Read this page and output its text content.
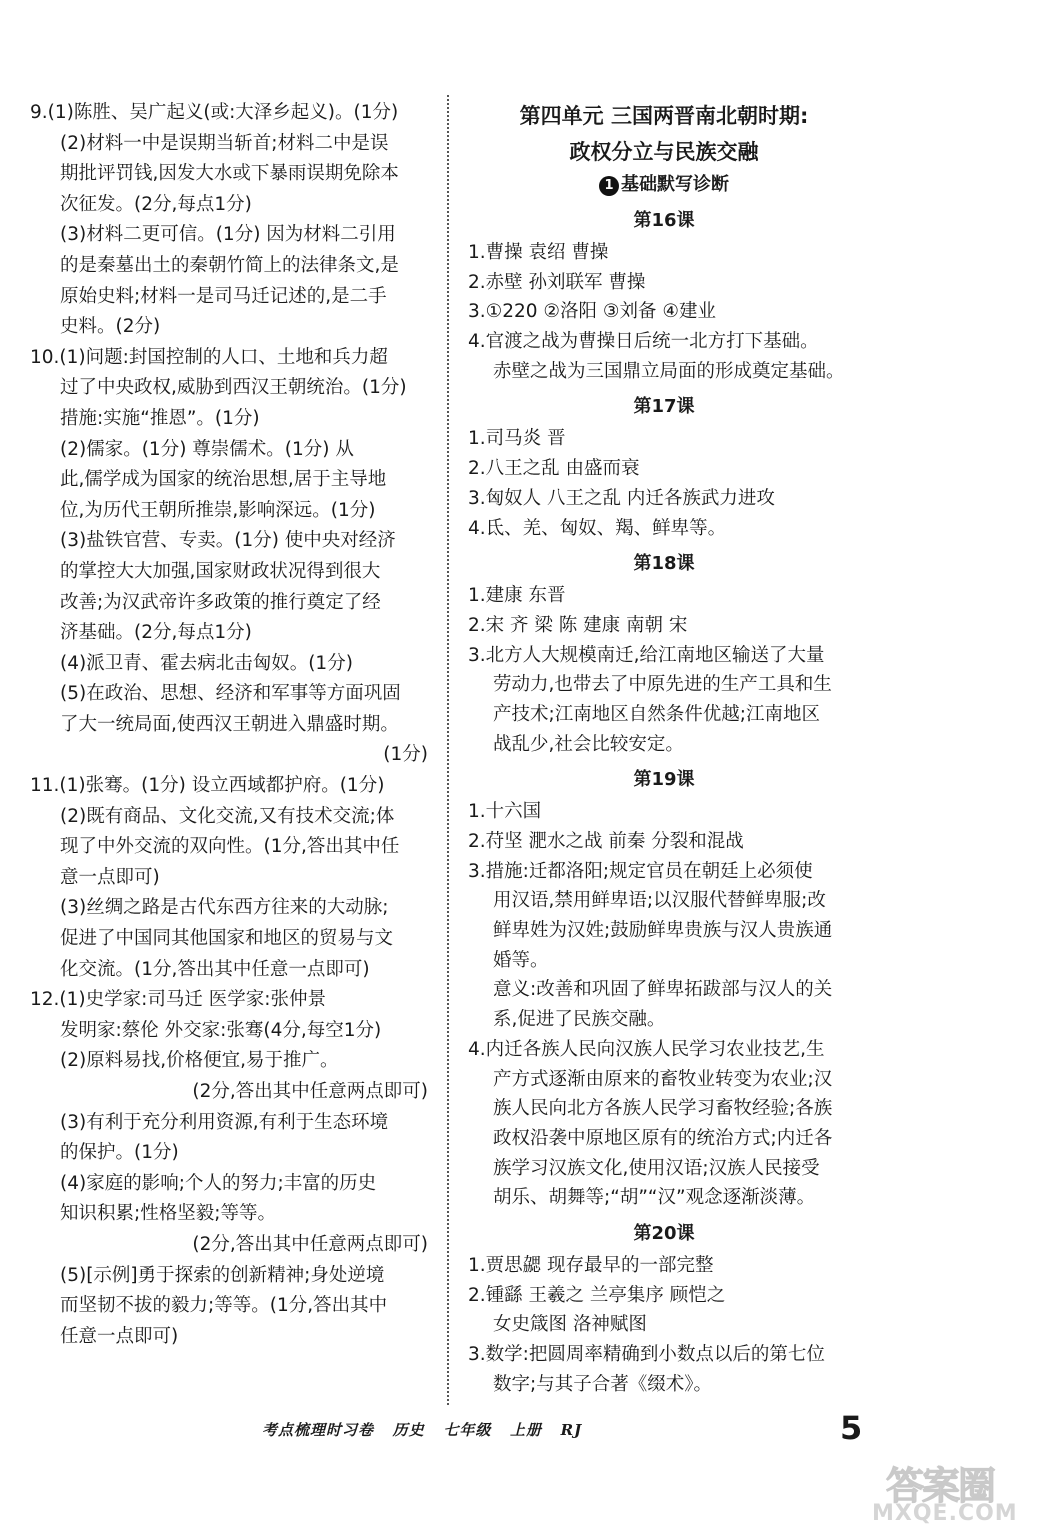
9.(1)陈胜、吴广起义(或:大泽乡起义)。(1分)
(2)材料一中是误期当斩首;材料二中是误
期批评罚钱,因发大水或下暴雨误期免除本
次征发。(2分,每点1分)
(3)材料二更可信。(1分) 因为材料二引用
的是秦墓出土的秦朝竹简上的法律条文,是
原始史料;材料一是司马迁记述的,是二手
史料。(2分)
10.(1)问题:封国控制的人口、土地和兵力超
过了中央政权,威胁到西汉王朝统治。(1分)
措施:实施“推恩”。(1分)
(2)儒家。(1分) 尊崇儒术。(1分) 从
此,儒学成为国家的统治思想,居于主导地
位,为历代王朝所推崇,影响深远。(1分)
(3)盐铁官营、专卖。(1分) 使中央对经济
的掌控大大加强,国家财政状况得到很大
改善;为汉武帝许多政策的推行奠定了经
济基础。(2分,每点1分)
(4)派卫青、霍去病北击匈奴。(1分)
(5)在政治、思想、经济和军事等方面巩固
了大一统局面,使西汉王朝进入鼎盛时期。
(1分)
11.(1)张骞。(1分) 设立西域都护府。(1分)
(2)既有商品、文化交流,又有技术交流;体
现了中外交流的双向性。(1分,答出其中任
意一点即可)
(3)丝绸之路是古代东西方往来的大动脉;
促进了中国同其他国家和地区的贸易与文
化交流。(1分,答出其中任意一点即可)
12.(1)史学家:司马迁 医学家:张仲景
发明家:蔡伦 外交家:张骞(4分,每空1分)
(2)原料易找,价格便宜,易于推广。
(2分,答出其中任意两点即可)
(3)有利于充分利用资源,有利于生态环境
的保护。(1分)
(4)家庭的影响;个人的努力;丰富的历史
知识积累;性格坚毅;等等。
(2分,答出其中任意两点即可)
(5)[示例]勇于探索的创新精神;身处逆境
而坚韧不拔的毅力;等等。(1分,答出其中
任意一点即可)
第四单元 三国两晋南北朝时期:
政权分立与民族交融
1 基础默写诊断
第16课
1.曹操 袁绍 曹操
2.赤壁 孙刘联军 曹操
3.①220 ②洛阳 ③刘备 ④建业
4.官渡之战为曹操日后统一北方打下基础。
赤壁之战为三国鼎立局面的形成奠定基础。
第17课
1.司马炎 晋
2.八王之乱 由盛而衰
3.匈奴人 八王之乱 内迁各族武力进攻
4.氐、羌、匈奴、羯、鲜卑等。
第18课
1.建康 东晋
2.宋 齐 梁 陈 建康 南朝 宋
3.北方人大规模南迁,给江南地区输送了大量
劳动力,也带去了中原先进的生产工具和生
产技术;江南地区自然条件优越;江南地区
战乱少,社会比较安定。
第19课
1.十六国
2.苻坚 淝水之战 前秦 分裂和混战
3.措施:迁都洛阳;规定官员在朝廷上必须使
用汉语,禁用鲜卑语;以汉服代替鲜卑服;改
鲜卑姓为汉姓;鼓励鲜卑贵族与汉人贵族通
婚等。
意义:改善和巩固了鲜卑拓跋部与汉人的关
系,促进了民族交融。
4.内迁各族人民向汉族人民学习农业技艺,生
产方式逐渐由原来的畜牧业转变为农业;汉
族人民向北方各族人民学习畜牧经验;各族
政权沿袭中原地区原有的统治方式;内迁各
族学习汉族文化,使用汉语;汉族人民接受
胡乐、胡舞等;“胡”“汉”观念逐渐淡薄。
第20课
1.贾思勰 现存最早的一部完整
2.锺繇 王羲之 兰亭集序 顾恺之
女史箴图 洛神赋图
3.数学:把圆周率精确到小数点以后的第七位
数字;与其子合著《缀术》。
考点梳理时习卷   历史   七年级   上册   RJ	5
答案圈
MXQE.COM
